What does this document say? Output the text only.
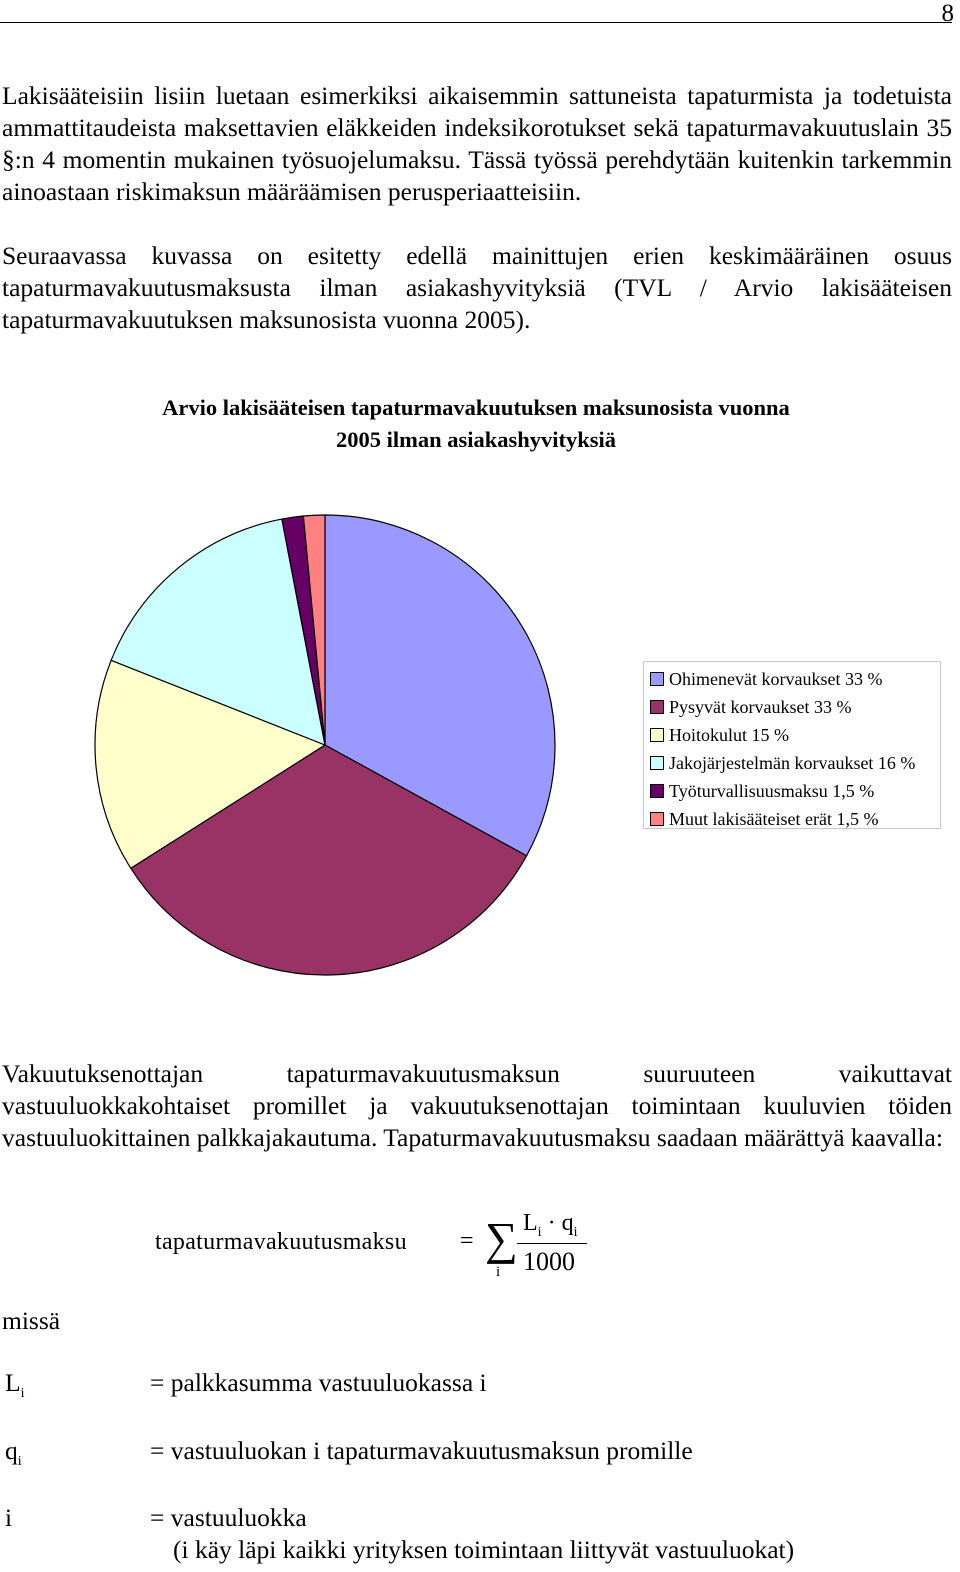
8

Lakisääteisiin lisiin luetaan esimerkiksi aikaisemmin sattuneista tapaturmista ja todetuista ammattitaudeista maksettavien eläkkeiden indeksikorotukset sekä tapaturmavakuutuslain 35 §:n 4 momentin mukainen työsuojelumaksu. Tässä työssä perehdytään kuitenkin tarkemmin ainoastaan riskimaksun määräämisen perusperiaatteisiin.

Seuraavassa kuvassa on esitetty edellä mainittujen erien keskimääräinen osuus tapaturmavakuutusmaksusta ilman asiakashyvityksiä (TVL / Arvio lakisääteisen tapaturmavakuutuksen maksunosista vuonna 2005).

Arvio lakisääteisen tapaturmavakuutuksen maksunosista vuonna
2005 ilman asiakashyvityksiä
Ohimenevät korvaukset 33 %
Pysyvät korvaukset 33 %
Hoitokulut 15 %
Jakojärjestelmän korvaukset 16 %
Työturvallisuusmaksu 1,5 %
Muut lakisääteiset erät 1,5 %

Vakuutuksenottajan tapaturmavakuutusmaksun suuruuteen vaikuttavat vastuuluokkakohtaiset promillet ja vakuutuksenottajan toimintaan kuuluvien töiden vastuuluokittainen palkkajakautuma. Tapaturmavakuutusmaksu saadaan määrättyä kaavalla:

tapaturmavakuutusmaksu = ∑
i
$L_i \cdot q_i$
1000
missä
$L_i$	= palkkasumma vastuuluokassa i
$q_i$	= vastuuluokan i tapaturmavakuutusmaksun promille
i	= vastuuluokka
(i käy läpi kaikki yrityksen toimintaan liittyvät vastuuluokat)
